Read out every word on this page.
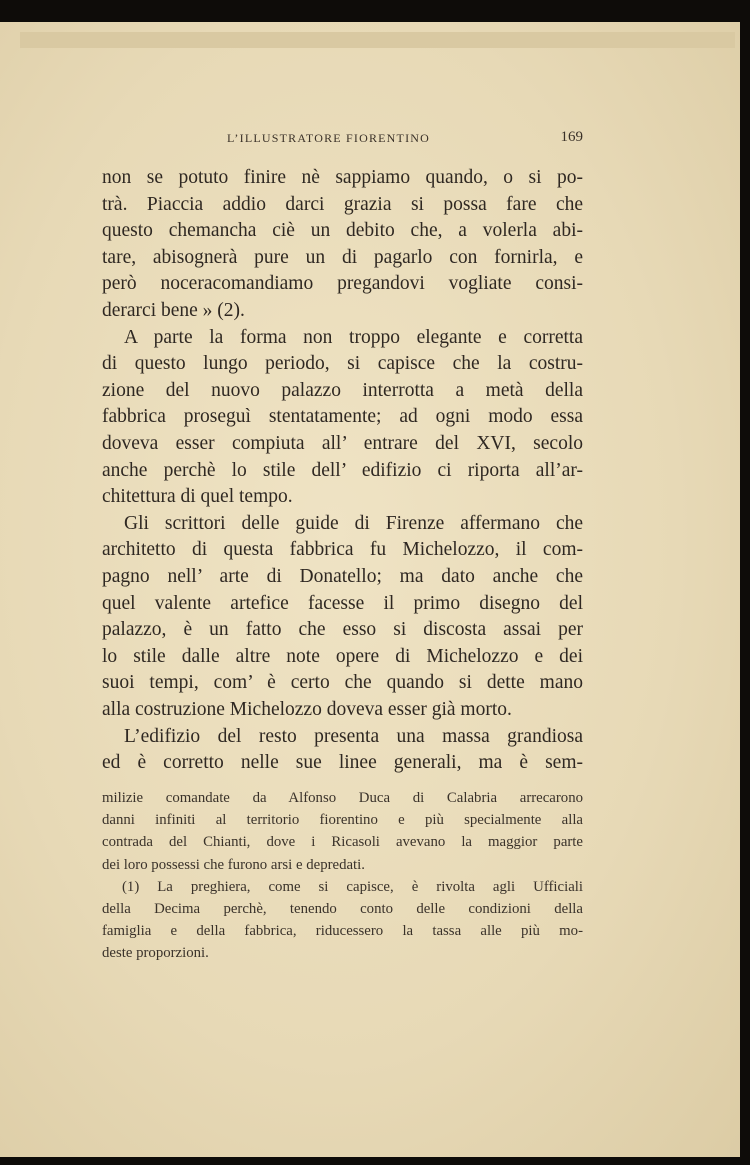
L’ILLUSTRATORE FIORENTINO	169
non se potuto finire nè sappiamo quando, o si po-
trà. Piaccia addio darci grazia si possa fare che
questo chemancha ciè un debito che, a volerla abi-
tare, abisognerà pure un di pagarlo con fornirla, e
però noceracomandiamo pregandovi vogliate consi-
derarci bene » (2).
A parte la forma non troppo elegante e corretta
di questo lungo periodo, si capisce che la costru-
zione del nuovo palazzo interrotta a metà della
fabbrica proseguì stentatamente; ad ogni modo essa
doveva esser compiuta all’ entrare del XVI, secolo
anche perchè lo stile dell’ edifizio ci riporta all’ar-
chitettura di quel tempo.
Gli scrittori delle guide di Firenze affermano che
architetto di questa fabbrica fu Michelozzo, il com-
pagno nell’ arte di Donatello; ma dato anche che
quel valente artefice facesse il primo disegno del
palazzo, è un fatto che esso si discosta assai per
lo stile dalle altre note opere di Michelozzo e dei
suoi tempi, com’ è certo che quando si dette mano
alla costruzione Michelozzo doveva esser già morto.
L’edifizio del resto presenta una massa grandiosa
ed è corretto nelle sue linee generali, ma è sem-
milizie comandate da Alfonso Duca di Calabria arrecarono
danni infiniti al territorio fiorentino e più specialmente alla
contrada del Chianti, dove i Ricasoli avevano la maggior parte
dei loro possessi che furono arsi e depredati.
(1) La preghiera, come si capisce, è rivolta agli Ufficiali
della Decima perchè, tenendo conto delle condizioni della
famiglia e della fabbrica, riducessero la tassa alle più mo-
deste proporzioni.
